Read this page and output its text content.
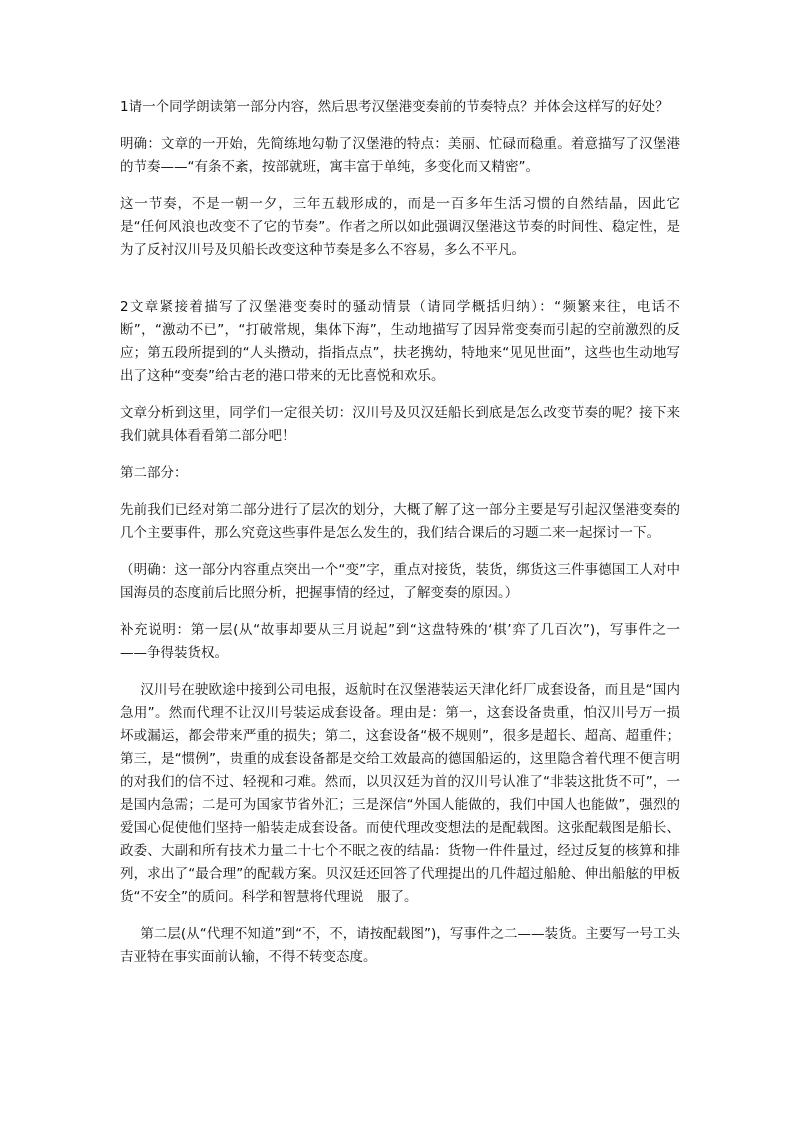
1请一个同学朗读第一部分内容，然后思考汉堡港变奏前的节奏特点？并体会这样写的好处？

明确：文章的一开始，先简练地勾勒了汉堡港的特点：美丽、忙碌而稳重。着意描写了汉堡港的节奏——“有条不紊，按部就班，寓丰富于单纯，多变化而又精密”。

这一节奏，不是一朝一夕，三年五载形成的，而是一百多年生活习惯的自然结晶，因此它是“任何风浪也改变不了它的节奏”。作者之所以如此强调汉堡港这节奏的时间性、稳定性，是为了反衬汉川号及贝船长改变这种节奏是多么不容易，多么不平凡。

2文章紧接着描写了汉堡港变奏时的骚动情景（请同学概括归纳）：“频繁来往，电话不断”，“激动不已”，“打破常规，集体下海”，生动地描写了因异常变奏而引起的空前激烈的反应；第五段所提到的“人头攒动，指指点点”，扶老携幼，特地来“见见世面”，这些也生动地写出了这种“变奏”给古老的港口带来的无比喜悦和欢乐。

文章分析到这里，同学们一定很关切：汉川号及贝汉廷船长到底是怎么改变节奏的呢？接下来我们就具体看看第二部分吧！

第二部分：

先前我们已经对第二部分进行了层次的划分，大概了解了这一部分主要是写引起汉堡港变奏的几个主要事件，那么究竟这些事件是怎么发生的，我们结合课后的习题二来一起探讨一下。

（明确：这一部分内容重点突出一个“变”字，重点对接货，装货，绑货这三件事德国工人对中国海员的态度前后比照分析，把握事情的经过，了解变奏的原因。）

补充说明：第一层(从“故事却要从三月说起”到“这盘特殊的‘棋’弈了几百次”)，写事件之一——争得装货权。

汉川号在驶欧途中接到公司电报，返航时在汉堡港装运天津化纤厂成套设备，而且是“国内急用”。然而代理不让汉川号装运成套设备。理由是：第一，这套设备贵重，怕汉川号万一损坏或漏运，都会带来严重的损失；第二，这套设备“极不规则”，很多是超长、超高、超重件；第三，是“惯例”，贵重的成套设备都是交给工效最高的德国船运的，这里隐含着代理不便言明的对我们的信不过、轻视和刁难。然而，以贝汉廷为首的汉川号认准了“非装这批货不可”，一是国内急需；二是可为国家节省外汇；三是深信“外国人能做的，我们中国人也能做”，强烈的爱国心促使他们坚持一船装走成套设备。而使代理改变想法的是配载图。这张配载图是船长、政委、大副和所有技术力量二十七个不眠之夜的结晶：货物一件件量过，经过反复的核算和排列，求出了“最合理”的配载方案。贝汉廷还回答了代理提出的几件超过船舱、伸出船舷的甲板货“不安全”的质问。科学和智慧将代理说　服了。

第二层(从“代理不知道”到“不，不，请按配载图”)，写事件之二——装货。主要写一号工头吉亚特在事实面前认输，不得不转变态度。
